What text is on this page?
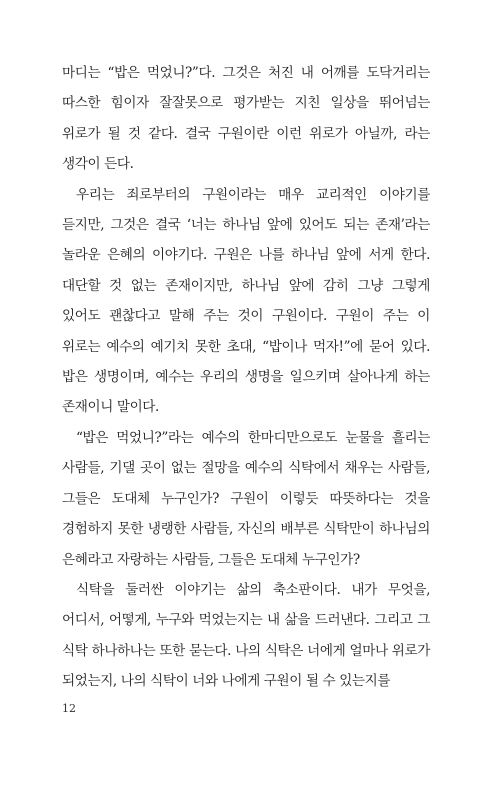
마디는 “밥은 먹었니?”다. 그것은 처진 내 어깨를 도닥거리는 따스한 힘이자 잘잘못으로 평가받는 지친 일상을 뛰어넘는 위로가 될 것 같다. 결국 구원이란 이런 위로가 아닐까, 라는 생각이 든다.

우리는 죄로부터의 구원이라는 매우 교리적인 이야기를 듣지만, 그것은 결국 ‘너는 하나님 앞에 있어도 되는 존재’라는 놀라운 은혜의 이야기다. 구원은 나를 하나님 앞에 서게 한다. 대단할 것 없는 존재이지만, 하나님 앞에 감히 그냥 그렇게 있어도 괜찮다고 말해 주는 것이 구원이다. 구원이 주는 이 위로는 예수의 예기치 못한 초대, “밥이나 먹자!”에 묻어 있다. 밥은 생명이며, 예수는 우리의 생명을 일으키며 살아나게 하는 존재이니 말이다.

“밥은 먹었니?”라는 예수의 한마디만으로도 눈물을 흘리는 사람들, 기댈 곳이 없는 절망을 예수의 식탁에서 채우는 사람들, 그들은 도대체 누구인가? 구원이 이렇듯 따뜻하다는 것을 경험하지 못한 냉랭한 사람들, 자신의 배부른 식탁만이 하나님의 은혜라고 자랑하는 사람들, 그들은 도대체 누구인가?

식탁을 둘러싼 이야기는 삶의 축소판이다. 내가 무엇을, 어디서, 어떻게, 누구와 먹었는지는 내 삶을 드러낸다. 그리고 그 식탁 하나하나는 또한 묻는다. 나의 식탁은 너에게 얼마나 위로가 되었는지, 나의 식탁이 너와 나에게 구원이 될 수 있는지를

12
